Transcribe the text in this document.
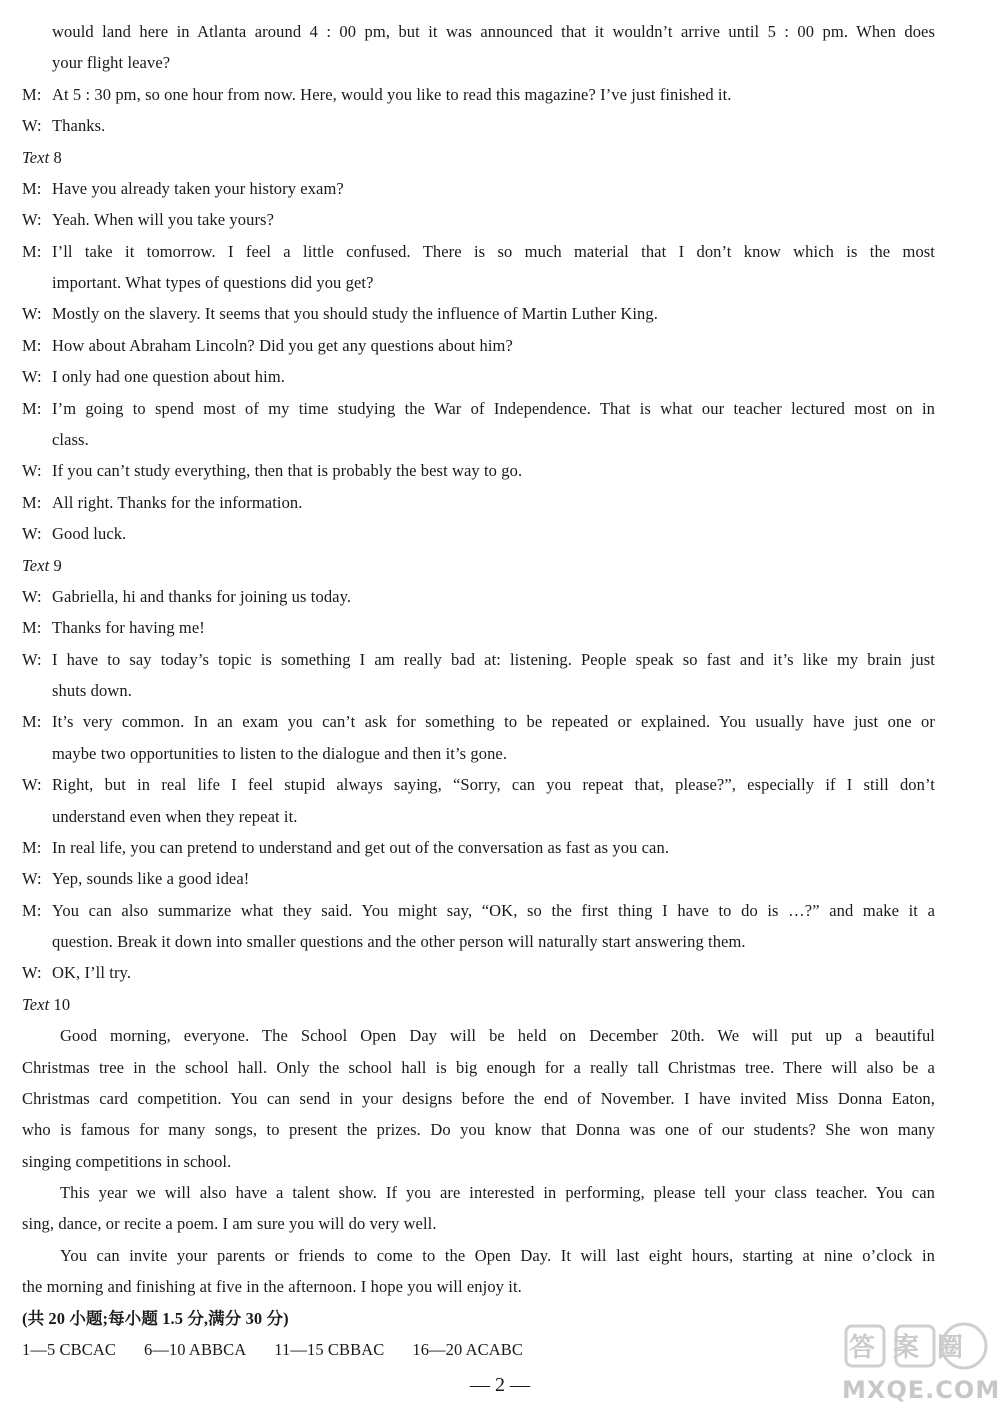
would land here in Atlanta around 4 : 00 pm, but it was announced that it wouldn’t arrive until 5 : 00 pm. When does
your flight leave?
M: At 5 : 30 pm, so one hour from now. Here, would you like to read this magazine? I’ve just finished it.
W: Thanks.
Text 8
M: Have you already taken your history exam?
W: Yeah. When will you take yours?
M: I’ll take it tomorrow. I feel a little confused. There is so much material that I don’t know which is the most
important. What types of questions did you get?
W: Mostly on the slavery. It seems that you should study the influence of Martin Luther King.
M: How about Abraham Lincoln? Did you get any questions about him?
W: I only had one question about him.
M: I’m going to spend most of my time studying the War of Independence. That is what our teacher lectured most on in
class.
W: If you can’t study everything, then that is probably the best way to go.
M: All right. Thanks for the information.
W: Good luck.
Text 9
W: Gabriella, hi and thanks for joining us today.
M: Thanks for having me!
W: I have to say today’s topic is something I am really bad at: listening. People speak so fast and it’s like my brain just
shuts down.
M: It’s very common. In an exam you can’t ask for something to be repeated or explained. You usually have just one or
maybe two opportunities to listen to the dialogue and then it’s gone.
W: Right, but in real life I feel stupid always saying, “Sorry, can you repeat that, please?”, especially if I still don’t
understand even when they repeat it.
M: In real life, you can pretend to understand and get out of the conversation as fast as you can.
W: Yep, sounds like a good idea!
M: You can also summarize what they said. You might say, “OK, so the first thing I have to do is …?” and make it a
question. Break it down into smaller questions and the other person will naturally start answering them.
W: OK, I’ll try.
Text 10
Good morning, everyone. The School Open Day will be held on December 20th. We will put up a beautiful
Christmas tree in the school hall. Only the school hall is big enough for a really tall Christmas tree. There will also be a
Christmas card competition. You can send in your designs before the end of November. I have invited Miss Donna Eaton,
who is famous for many songs, to present the prizes. Do you know that Donna was one of our students? She won many
singing competitions in school.
This year we will also have a talent show. If you are interested in performing, please tell your class teacher. You can
sing, dance, or recite a poem. I am sure you will do very well.
You can invite your parents or friends to come to the Open Day. It will last eight hours, starting at nine o’clock in
the morning and finishing at five in the afternoon. I hope you will enjoy it.
(共 20 小题;每小题 1.5 分,满分 30 分)
1—5 CBCAC 6—10 ABBCA 11—15 CBBAC 16—20 ACABC
— 2 —
答案圈
MXQE.COM
